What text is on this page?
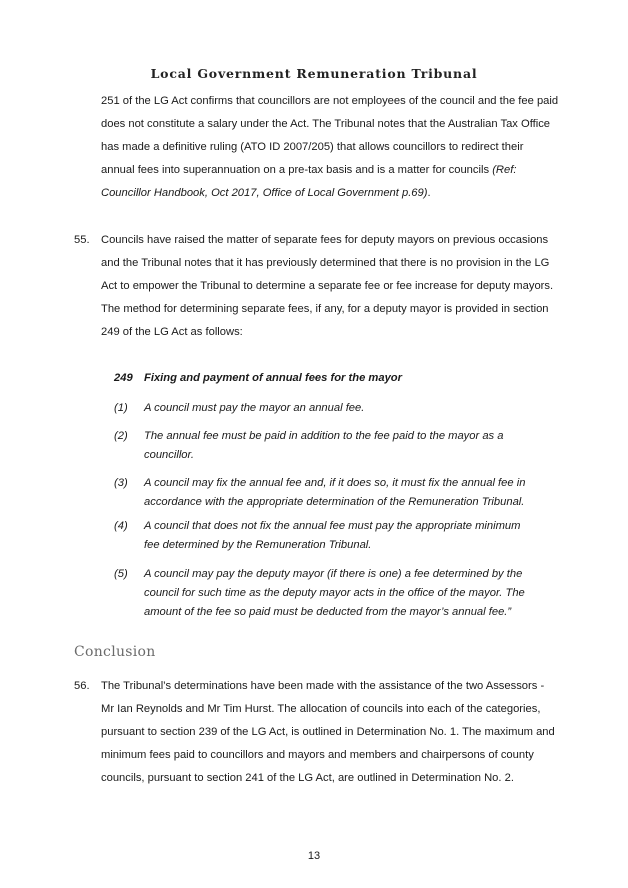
Local Government Remuneration Tribunal
251 of the LG Act confirms that councillors are not employees of the council and the fee paid does not constitute a salary under the Act. The Tribunal notes that the Australian Tax Office has made a definitive ruling (ATO ID 2007/205) that allows councillors to redirect their annual fees into superannuation on a pre-tax basis and is a matter for councils (Ref: Councillor Handbook, Oct 2017, Office of Local Government p.69).
55. Councils have raised the matter of separate fees for deputy mayors on previous occasions and the Tribunal notes that it has previously determined that there is no provision in the LG Act to empower the Tribunal to determine a separate fee or fee increase for deputy mayors. The method for determining separate fees, if any, for a deputy mayor is provided in section 249 of the LG Act as follows:
249 Fixing and payment of annual fees for the mayor
(1) A council must pay the mayor an annual fee.
(2) The annual fee must be paid in addition to the fee paid to the mayor as a councillor.
(3) A council may fix the annual fee and, if it does so, it must fix the annual fee in accordance with the appropriate determination of the Remuneration Tribunal.
(4) A council that does not fix the annual fee must pay the appropriate minimum fee determined by the Remuneration Tribunal.
(5) A council may pay the deputy mayor (if there is one) a fee determined by the council for such time as the deputy mayor acts in the office of the mayor. The amount of the fee so paid must be deducted from the mayor’s annual fee.”
Conclusion
56. The Tribunal’s determinations have been made with the assistance of the two Assessors - Mr Ian Reynolds and Mr Tim Hurst. The allocation of councils into each of the categories, pursuant to section 239 of the LG Act, is outlined in Determination No. 1. The maximum and minimum fees paid to councillors and mayors and members and chairpersons of county councils, pursuant to section 241 of the LG Act, are outlined in Determination No. 2.
13
